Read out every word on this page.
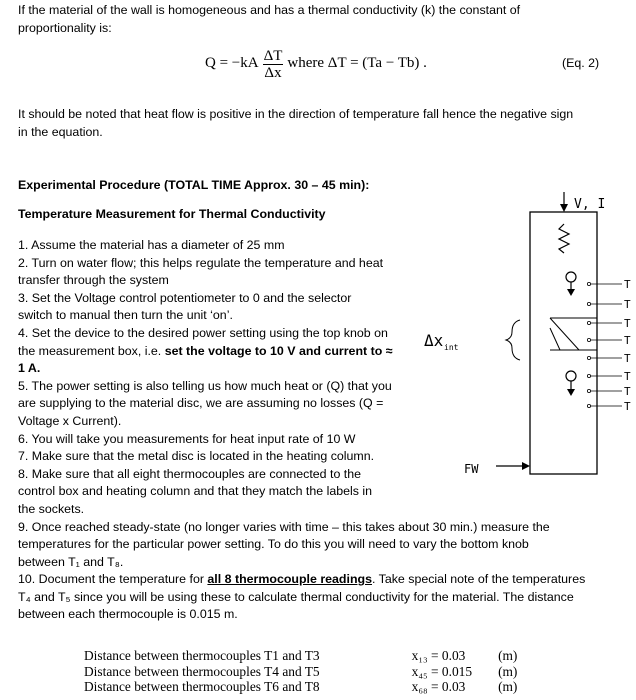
If the material of the wall is homogeneous and has a thermal conductivity (k) the constant of
proportionality is:
$Q = -kA \frac{\Delta T}{\Delta x}$ where ΔT = (Ta − Tb) .	(Eq. 2)
It should be noted that heat flow is positive in the direction of temperature fall hence the negative sign
in the equation.
Experimental Procedure (TOTAL TIME Approx. 30 – 45 min):
Temperature Measurement for Thermal Conductivity
1. Assume the material has a diameter of 25 mm
2. Turn on water flow; this helps regulate the temperature and heat
transfer through the system
3. Set the Voltage control potentiometer to 0 and the selector
switch to manual then turn the unit ‘on’.
4. Set the device to the desired power setting using the top knob on
the measurement box, i.e. set the voltage to 10 V and current to ≈
1 A.
5. The power setting is also telling us how much heat or (Q) that you
are supplying to the material disc, we are assuming no losses (Q =
Voltage x Current).
6. You will take you measurements for heat input rate of 10 W
7. Make sure that the metal disc is located in the heating column.
8. Make sure that all eight thermocouples are connected to the
control box and heating column and that they match the labels in
the sockets.
9. Once reached steady-state (no longer varies with time – this takes about 30 min.) measure the
temperatures for the particular power setting. To do this you will need to vary the bottom knob
between T₁ and T₈.
10. Document the temperature for all 8 thermocouple readings. Take special note of the temperatures
T₄ and T₅ since you will be using these to calculate thermal conductivity for the material. The distance
between each thermocouple is 0.015 m.
V, I
Δx int
FW
T
T
T
T
T
T
T
T
Distance between thermocouples T1 and T3	x₁₃ = 0.03	(m)
Distance between thermocouples T4 and T5	x₄₅ = 0.015	(m)
Distance between thermocouples T6 and T8	x₆₈ = 0.03	(m)
